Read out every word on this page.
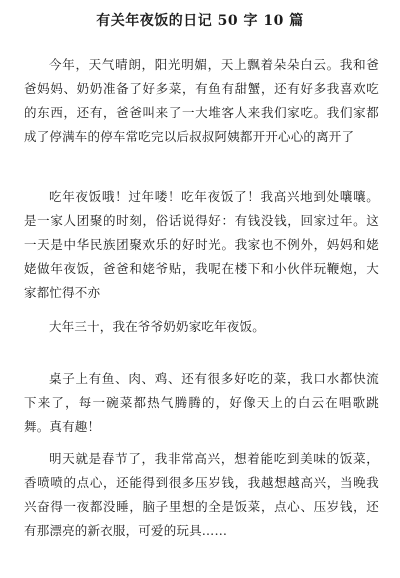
有关年夜饭的日记 50 字 10 篇

今年，天气晴朗，阳光明媚，天上飘着朵朵白云。我和爸爸妈妈、奶奶准备了好多菜，有鱼有甜蟹，还有好多我喜欢吃的东西，还有，爸爸叫来了一大堆客人来我们家吃。我们家都成了停满车的停车常吃完以后叔叔阿姨都开开心心的离开了

吃年夜饭哦！过年喽！吃年夜饭了！我高兴地到处嚷嚷。是一家人团聚的时刻，俗话说得好：有钱没钱，回家过年。这一天是中华民族团聚欢乐的好时光。我家也不例外，妈妈和姥姥做年夜饭，爸爸和姥爷贴，我呢在楼下和小伙伴玩鞭炮，大家都忙得不亦

大年三十，我在爷爷奶奶家吃年夜饭。

桌子上有鱼、肉、鸡、还有很多好吃的菜，我口水都快流下来了，每一碗菜都热气腾腾的，好像天上的白云在唱歌跳舞。真有趣！

明天就是春节了，我非常高兴，想着能吃到美味的饭菜，香喷喷的点心，还能得到很多压岁钱，我越想越高兴，当晚我兴奋得一夜都没睡，脑子里想的全是饭菜，点心、压岁钱，还有那漂亮的新衣服，可爱的玩具……
